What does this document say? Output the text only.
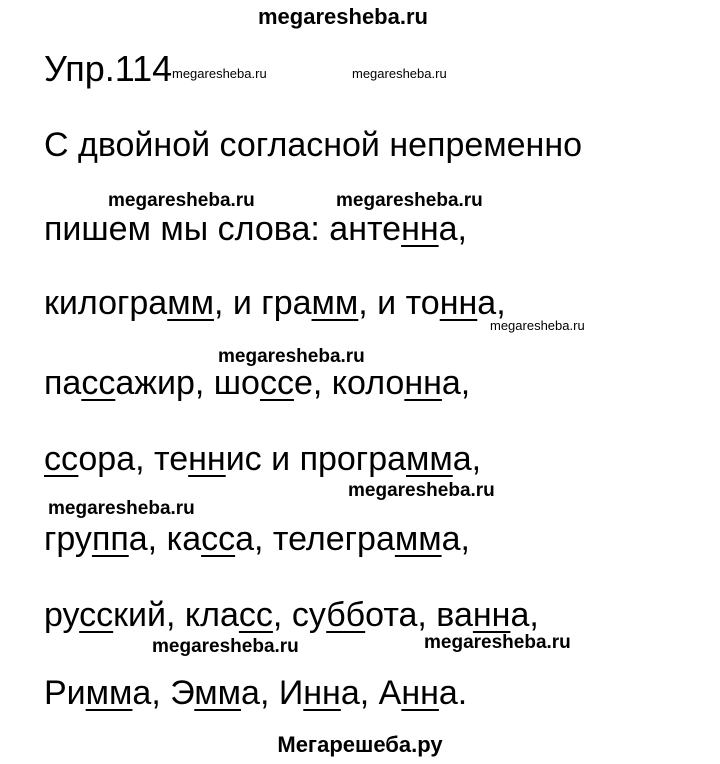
megaresheba.ru
Упр.114 megaresheba.ru	megaresheba.ru
megaresheba.ru	megaresheba.ru
megaresheba.ru
megaresheba.ru
megaresheba.ru
megaresheba.ru
megaresheba.ru	megaresheba.ru
С двойной согласной непременно
пишем мы слова: антенна,
килограмм, и грамм, и тонна,
пассажир, шоссе, колонна,
ссора, теннис и программа,
группа, касса, телеграмма,
русский, класс, суббота, ванна,
Римма, Эмма, Инна, Анна.
Мегарешеба.ру
